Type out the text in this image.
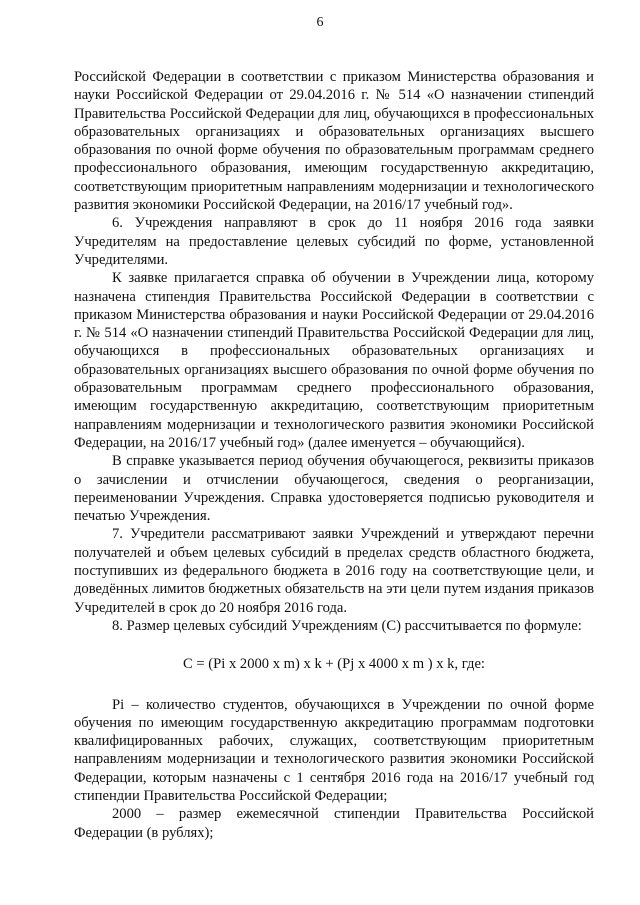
6

Российской Федерации в соответствии с приказом Министерства образования и науки Российской Федерации от 29.04.2016 г. № 514 «О назначении стипендий Правительства Российской Федерации для лиц, обучающихся в профессиональных образовательных организациях и образовательных организациях высшего образования по очной форме обучения по образовательным программам среднего профессионального образования, имеющим государственную аккредитацию, соответствующим приоритетным направлениям модернизации и технологического развития экономики Российской Федерации, на 2016/17 учебный год».

6. Учреждения направляют в срок до 11 ноября 2016 года заявки Учредителям на предоставление целевых субсидий по форме, установленной Учредителями.

К заявке прилагается справка об обучении в Учреждении лица, которому назначена стипендия Правительства Российской Федерации в соответствии с приказом Министерства образования и науки Российской Федерации от 29.04.2016 г. № 514 «О назначении стипендий Правительства Российской Федерации для лиц, обучающихся в профессиональных образовательных организациях и образовательных организациях высшего образования по очной форме обучения по образовательным программам среднего профессионального образования, имеющим государственную аккредитацию, соответствующим приоритетным направлениям модернизации и технологического развития экономики Российской Федерации, на 2016/17 учебный год» (далее именуется – обучающийся).

В справке указывается период обучения обучающегося, реквизиты приказов о зачислении и отчислении обучающегося, сведения о реорганизации, переименовании Учреждения. Справка удостоверяется подписью руководителя и печатью Учреждения.

7. Учредители рассматривают заявки Учреждений и утверждают перечни получателей и объем целевых субсидий в пределах средств областного бюджета, поступивших из федерального бюджета в 2016 году на соответствующие цели, и доведённых лимитов бюджетных обязательств на эти цели путем издания приказов Учредителей в срок до 20 ноября 2016 года.

8. Размер целевых субсидий Учреждениям (С) рассчитывается по формуле:

С = (Pi x 2000 x m) x k + (Pj x 4000 x m ) x k, где:

Pi – количество студентов, обучающихся в Учреждении по очной форме обучения по имеющим государственную аккредитацию программам подготовки квалифицированных рабочих, служащих, соответствующим приоритетным направлениям модернизации и технологического развития экономики Российской Федерации, которым назначены с 1 сентября 2016 года на 2016/17 учебный год стипендии Правительства Российской Федерации;

2000 – размер ежемесячной стипендии Правительства Российской Федерации (в рублях);
